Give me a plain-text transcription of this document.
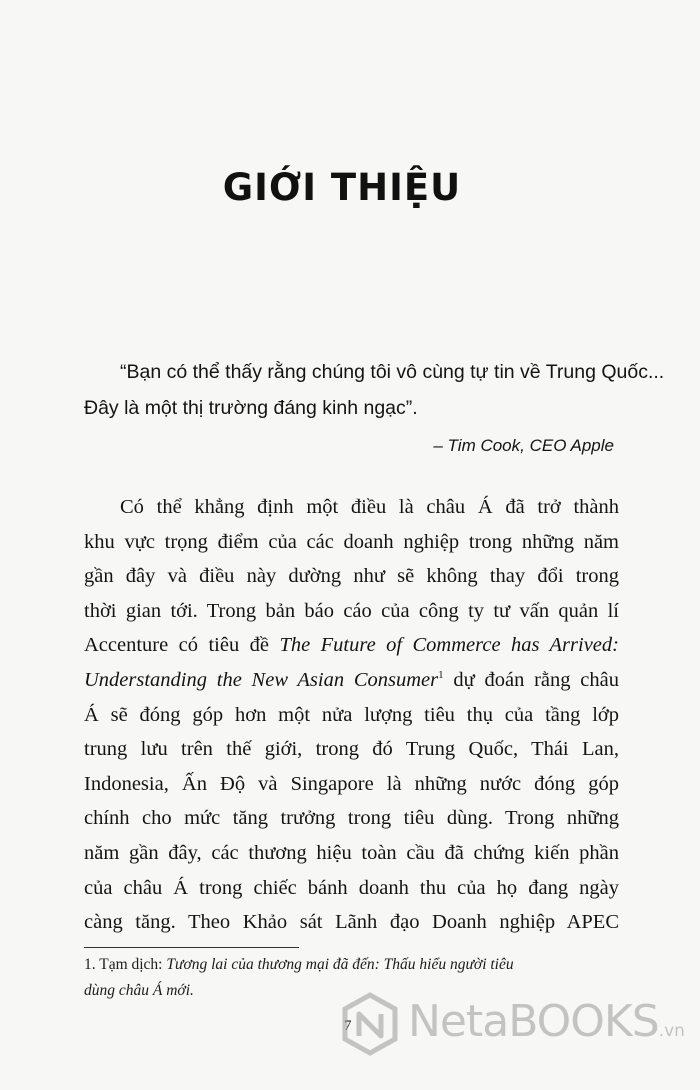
GIỚI THIỆU
“Bạn có thể thấy rằng chúng tôi vô cùng tự tin về Trung Quốc...
Đây là một thị trường đáng kinh ngạc”.
– Tim Cook, CEO Apple
Có thể khẳng định một điều là châu Á đã trở thành
khu vực trọng điểm của các doanh nghiệp trong những năm
gần đây và điều này dường như sẽ không thay đổi trong
thời gian tới. Trong bản báo cáo của công ty tư vấn quản lí
Accenture có tiêu đề The Future of Commerce has Arrived:
Understanding the New Asian Consumer$^1$ dự đoán rằng châu
Á sẽ đóng góp hơn một nửa lượng tiêu thụ của tầng lớp
trung lưu trên thế giới, trong đó Trung Quốc, Thái Lan,
Indonesia, Ấn Độ và Singapore là những nước đóng góp
chính cho mức tăng trưởng trong tiêu dùng. Trong những
năm gần đây, các thương hiệu toàn cầu đã chứng kiến phần
của châu Á trong chiếc bánh doanh thu của họ đang ngày
càng tăng. Theo Khảo sát Lãnh đạo Doanh nghiệp APEC
1. Tạm dịch: Tương lai của thương mại đã đến: Thấu hiểu người tiêu
dùng châu Á mới.
7 NetaBOOKS.vn
